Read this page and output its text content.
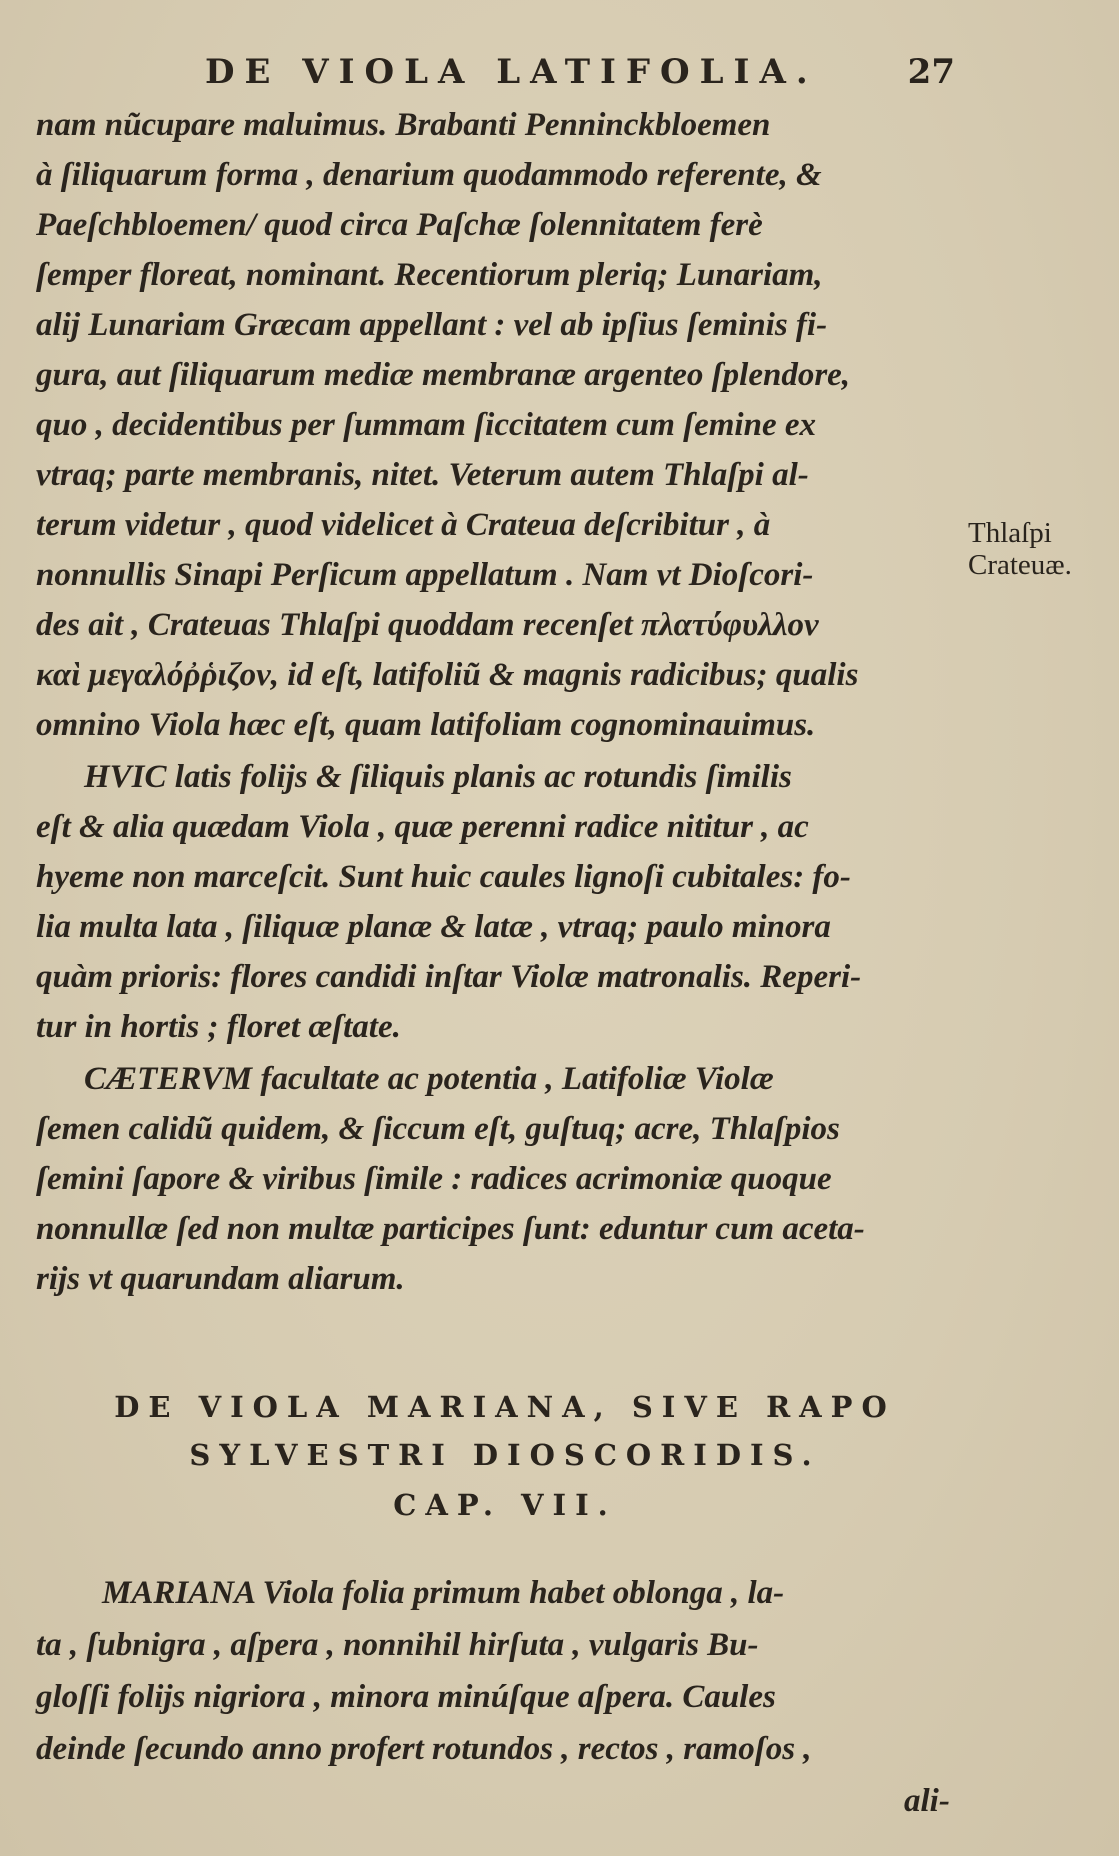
DE VIOLA LATIFOLIA.	27
nam nũcupare maluimus. Brabanti Penninckbloemen
à ſiliquarum forma , denarium quodammodo referente, &
Paeſchbloemen/ quod circa Paſchæ ſolennitatem ferè
ſemper floreat, nominant. Recentiorum pleriq; Lunariam,
alij Lunariam Græcam appellant : vel ab ipſius ſeminis fi-
gura, aut ſiliquarum mediæ membranæ argenteo ſplendore,
quo , decidentibus per ſummam ſiccitatem cum ſemine ex
vtraq; parte membranis, nitet. Veterum autem Thlaſpi al-
terum videtur , quod videlicet à Crateua deſcribitur , à
nonnullis Sinapi Perſicum appellatum . Nam vt Dioſcori-
des ait , Crateuas Thlaſpi quoddam recenſet πλατύφυλλον
καὶ μεγαλόῤῥιζον, id eſt, latifoliũ & magnis radicibus; qualis
omnino Viola hæc eſt, quam latifoliam cognominauimus.
HVIC latis folijs & ſiliquis planis ac rotundis ſimilis
eſt & alia quædam Viola , quæ perenni radice nititur , ac
hyeme non marceſcit. Sunt huic caules lignoſi cubitales: fo-
lia multa lata , ſiliquæ planæ & latæ , vtraq; paulo minora
quàm prioris: flores candidi inſtar Violæ matronalis. Reperi-
tur in hortis ; floret æſtate.
CÆTERVM facultate ac potentia , Latifoliæ Violæ
ſemen calidũ quidem, & ſiccum eſt, guſtuq; acre, Thlaſpios
ſemini ſapore & viribus ſimile : radices acrimoniæ quoque
nonnullæ ſed non multæ participes ſunt: eduntur cum aceta-
rijs vt quarundam aliarum.
Thlaſpi
Crateuæ.
DE VIOLA MARIANA, SIVE RAPO
SYLVESTRI DIOSCORIDIS.
CAP. VII.
MARIANA Viola folia primum habet oblonga , la-
ta , ſubnigra , aſpera , nonnihil hirſuta , vulgaris Bu-
gloſſi folijs nigriora , minora minúſque aſpera. Caules
deinde ſecundo anno profert rotundos , rectos , ramoſos ,
ali-
